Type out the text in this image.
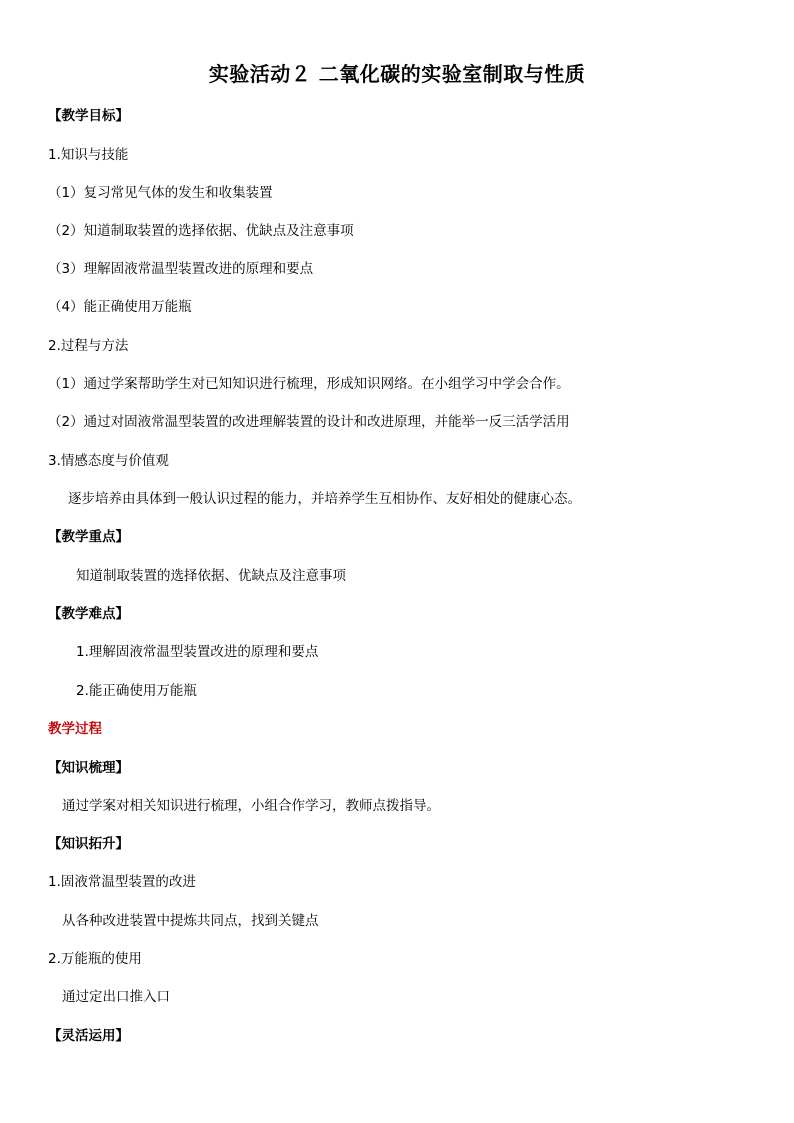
实验活动２ 二氧化碳的实验室制取与性质
【教学目标】
1.知识与技能
（1）复习常见气体的发生和收集装置
（2）知道制取装置的选择依据、优缺点及注意事项
（3）理解固液常温型装置改进的原理和要点
（4）能正确使用万能瓶
2.过程与方法
（1）通过学案帮助学生对已知知识进行梳理，形成知识网络。在小组学习中学会合作。
（2）通过对固液常温型装置的改进理解装置的设计和改进原理，并能举一反三活学活用
3.情感态度与价值观
逐步培养由具体到一般认识过程的能力，并培养学生互相协作、友好相处的健康心态。
【教学重点】
知道制取装置的选择依据、优缺点及注意事项
【教学难点】
1.理解固液常温型装置改进的原理和要点
2.能正确使用万能瓶
教学过程
【知识梳理】
通过学案对相关知识进行梳理，小组合作学习，教师点拨指导。
【知识拓升】
1.固液常温型装置的改进
从各种改进装置中提炼共同点，找到关键点
2.万能瓶的使用
通过定出口推入口
【灵活运用】
